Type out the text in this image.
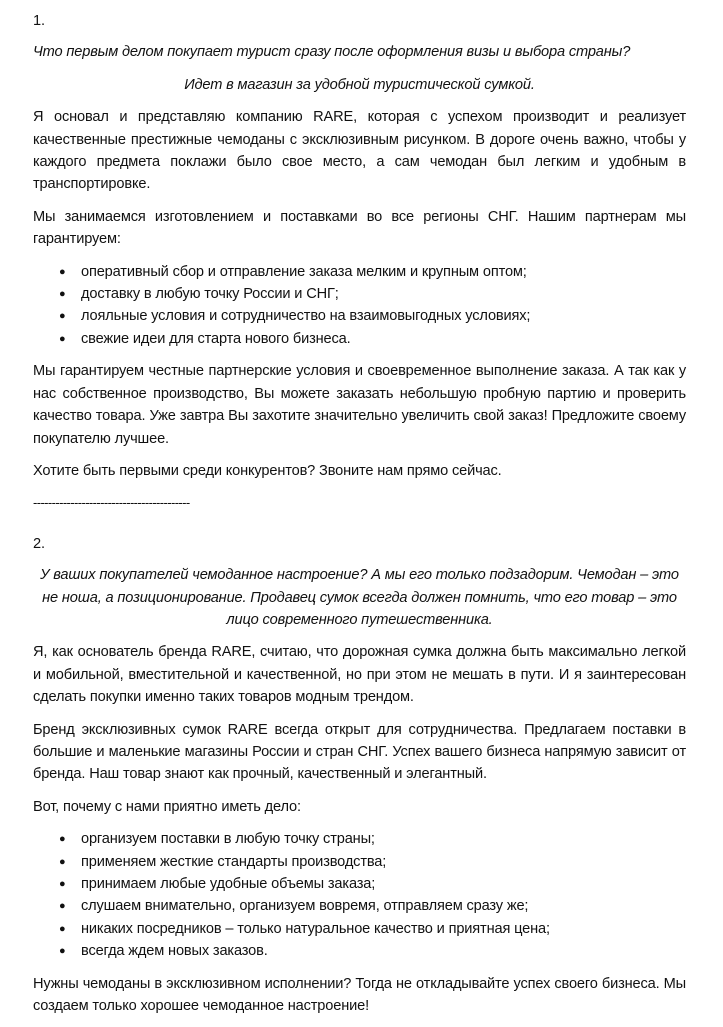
1.

Что первым делом покупает турист сразу после оформления визы и выбора страны?

Идет в магазин за удобной туристической сумкой.

Я основал и представляю компанию RARE, которая с успехом производит и реализует качественные престижные чемоданы с эксклюзивным рисунком. В дороге очень важно, чтобы у каждого предмета поклажи было свое место, а сам чемодан был легким и удобным в транспортировке.

Мы занимаемся изготовлением и поставками во все регионы СНГ. Нашим партнерам мы гарантируем:

● оперативный сбор и отправление заказа мелким и крупным оптом;
● доставку в любую точку России и СНГ;
● лояльные условия и сотрудничество на взаимовыгодных условиях;
● свежие идеи для старта нового бизнеса.

Мы гарантируем честные партнерские условия и своевременное выполнение заказа. А так как у нас собственное производство, Вы можете заказать небольшую пробную партию и проверить качество товара. Уже завтра Вы захотите значительно увеличить свой заказ! Предложите своему покупателю лучшее.

Хотите быть первыми среди конкурентов? Звоните нам прямо сейчас.

------------------------------------------

2.

У ваших покупателей чемоданное настроение? А мы его только подзадорим. Чемодан – это не ноша, а позиционирование. Продавец сумок всегда должен помнить, что его товар – это лицо современного путешественника.

Я, как основатель бренда RARE, считаю, что дорожная сумка должна быть максимально легкой и мобильной, вместительной и качественной, но при этом не мешать в пути. И я заинтересован сделать покупки именно таких товаров модным трендом.

Бренд эксклюзивных сумок RARE всегда открыт для сотрудничества. Предлагаем поставки в большие и маленькие магазины России и стран СНГ. Успех вашего бизнеса напрямую зависит от бренда. Наш товар знают как прочный, качественный и элегантный.

Вот, почему с нами приятно иметь дело:

● организуем поставки в любую точку страны;
● применяем жесткие стандарты производства;
● принимаем любые удобные объемы заказа;
● слушаем внимательно, организуем вовремя, отправляем сразу же;
● никаких посредников – только натуральное качество и приятная цена;
● всегда ждем новых заказов.

Нужны чемоданы в эксклюзивном исполнении? Тогда не откладывайте успех своего бизнеса. Мы создаем только хорошее чемоданное настроение!
